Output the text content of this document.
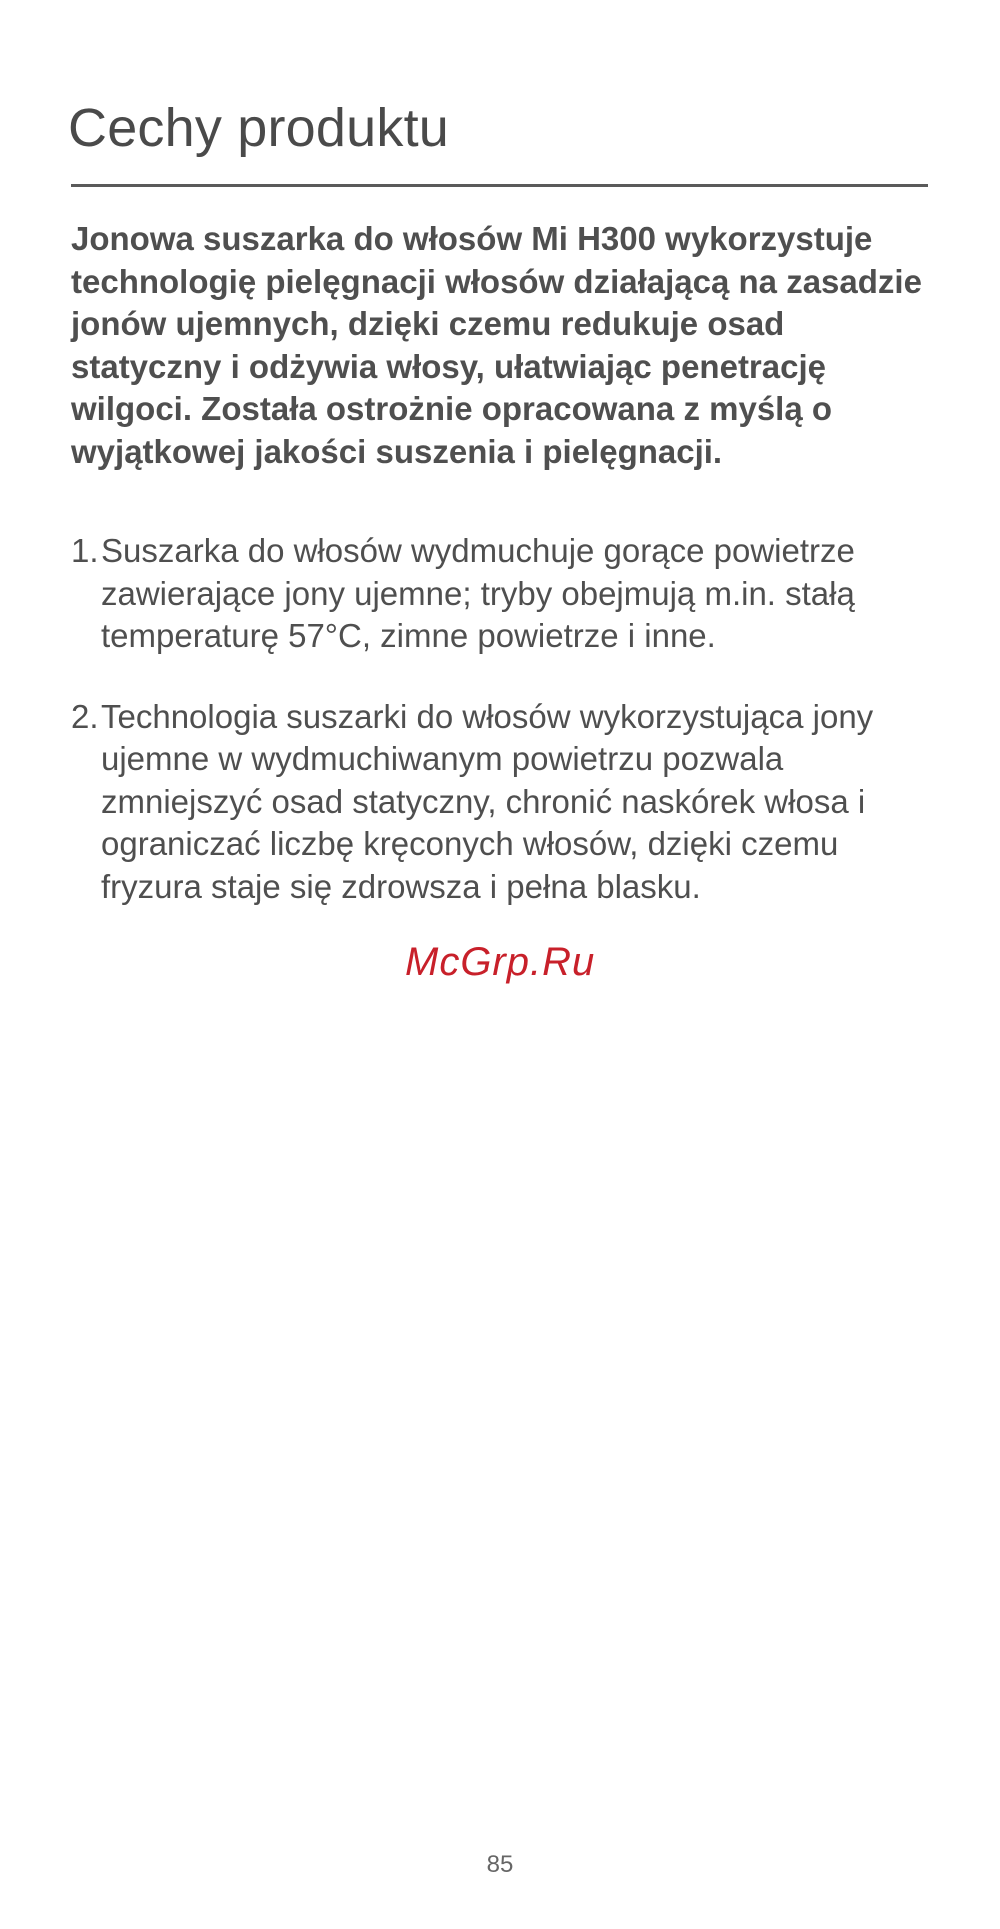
Cechy produktu

Jonowa suszarka do włosów Mi H300 wykorzystuje technologię pielęgnacji włosów działającą na zasadzie jonów ujemnych, dzięki czemu redukuje osad statyczny i odżywia włosy, ułatwiając penetrację wilgoci. Została ostrożnie opracowana z myślą o wyjątkowej jakości suszenia i pielęgnacji.

1. Suszarka do włosów wydmuchuje gorące powietrze zawierające jony ujemne; tryby obejmują m.in. stałą temperaturę 57°C, zimne powietrze i inne.
2. Technologia suszarki do włosów wykorzystująca jony ujemne w wydmuchiwanym powietrzu pozwala zmniejszyć osad statyczny, chronić naskórek włosa i ograniczać liczbę kręconych włosów, dzięki czemu fryzura staje się zdrowsza i pełna blasku.
McGrp.Ru
85
